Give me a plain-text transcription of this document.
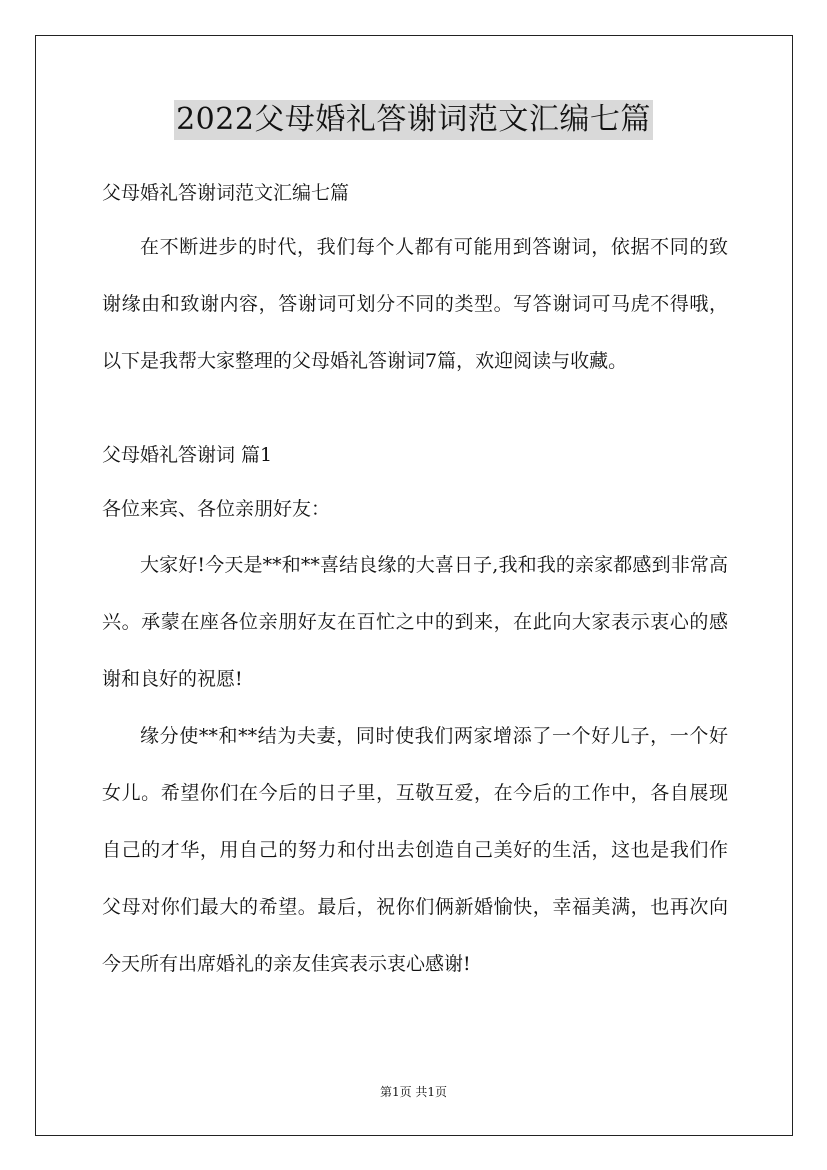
2022父母婚礼答谢词范文汇编七篇

父母婚礼答谢词范文汇编七篇

在不断进步的时代，我们每个人都有可能用到答谢词，依据不同的致谢缘由和致谢内容，答谢词可划分不同的类型。写答谢词可马虎不得哦，以下是我帮大家整理的父母婚礼答谢词7篇，欢迎阅读与收藏。

父母婚礼答谢词 篇1

各位来宾、各位亲朋好友：

大家好!今天是**和**喜结良缘的大喜日子,我和我的亲家都感到非常高兴。承蒙在座各位亲朋好友在百忙之中的到来，在此向大家表示衷心的感谢和良好的祝愿!

缘分使**和**结为夫妻，同时使我们两家增添了一个好儿子，一个好女儿。希望你们在今后的日子里，互敬互爱，在今后的工作中，各自展现自己的才华，用自己的努力和付出去创造自己美好的生活，这也是我们作父母对你们最大的希望。最后，祝你们俩新婚愉快，幸福美满，也再次向今天所有出席婚礼的亲友佳宾表示衷心感谢!

第1页 共1页
